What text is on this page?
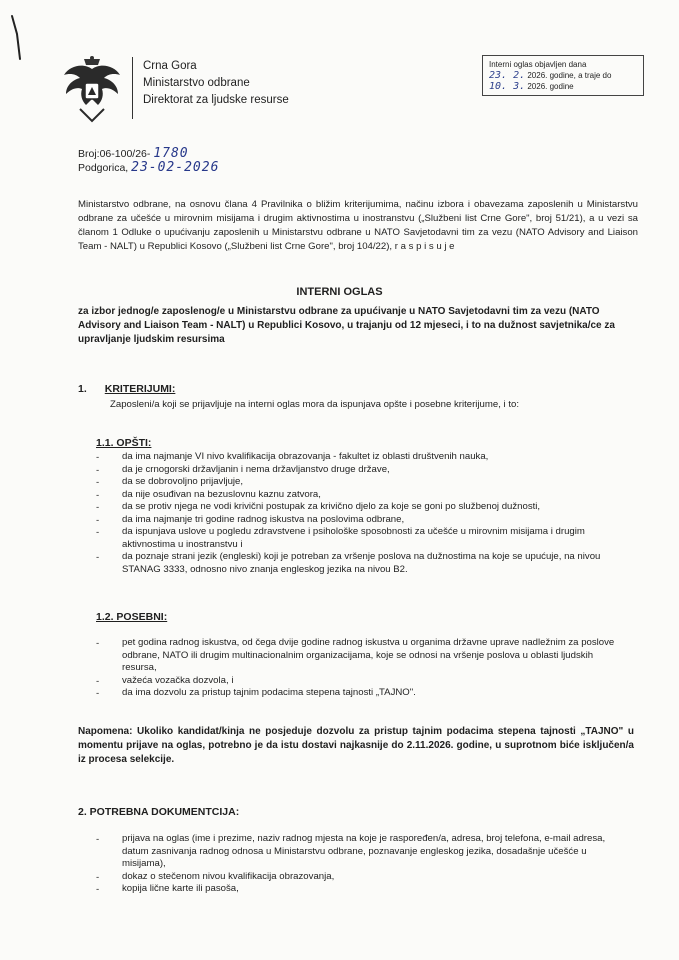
Crna Gora
Ministarstvo odbrane
Direktorat za ljudske resurse
Interni oglas objavljen dana
23. 2. 2026. godine, a traje do
10. 3. 2026. godine
Broj:06-100/26- 1780
Podgorica, 23-02-2026
Ministarstvo odbrane, na osnovu člana 4 Pravilnika o bližim kriterijumima, načinu izbora i obavezama zaposlenih u Ministarstvu odbrane za učešće u mirovnim misijama i drugim aktivnostima u inostranstvu („Službeni list Crne Gore", broj 51/21), a u vezi sa članom 1 Odluke o upućivanju zaposlenih u Ministarstvu odbrane u NATO Savjetodavni tim za vezu (NATO Advisory and Liaison Team - NALT) u Republici Kosovo („Službeni list Crne Gore", broj 104/22), r a s p i s u j e
INTERNI OGLAS
za izbor jednog/e zaposlenog/e u Ministarstvu odbrane za upućivanje u NATO Savjetodavni tim za vezu (NATO Advisory and Liaison Team - NALT) u Republici Kosovo, u trajanju od 12 mjeseci, i to na dužnost savjetnika/ce za upravljanje ljudskim resursima
1. KRITERIJUMI:
Zaposleni/a koji se prijavljuje na interni oglas mora da ispunjava opšte i posebne kriterijume, i to:
1.1. OPŠTI:
- da ima najmanje VI nivo kvalifikacija obrazovanja - fakultet iz oblasti društvenih nauka,
- da je crnogorski državljanin i nema državljanstvo druge države,
- da se dobrovoljno prijavljuje,
- da nije osuđivan na bezuslovnu kaznu zatvora,
- da se protiv njega ne vodi krivični postupak za krivično djelo za koje se goni po službenoj dužnosti,
- da ima najmanje tri godine radnog iskustva na poslovima odbrane,
- da ispunjava uslove u pogledu zdravstvene i psihološke sposobnosti za učešće u mirovnim misijama i drugim aktivnostima u inostranstvu i
- da poznaje strani jezik (engleski) koji je potreban za vršenje poslova na dužnostima na koje se upućuje, na nivou STANAG 3333, odnosno nivo znanja engleskog jezika na nivou B2.
1.2. POSEBNI:
- pet godina radnog iskustva, od čega dvije godine radnog iskustva u organima državne uprave nadležnim za poslove odbrane, NATO ili drugim multinacionalnim organizacijama, koje se odnosi na vršenje poslova u oblasti ljudskih resursa,
- važeća vozačka dozvola, i
- da ima dozvolu za pristup tajnim podacima stepena tajnosti „TAJNO".
Napomena: Ukoliko kandidat/kinja ne posjeduje dozvolu za pristup tajnim podacima stepena tajnosti „TAJNO" u momentu prijave na oglas, potrebno je da istu dostavi najkasnije do 2.11.2026. godine, u suprotnom biće isključen/a iz procesa selekcije.
2. POTREBNA DOKUMENTCIJA:
- prijava na oglas (ime i prezime, naziv radnog mjesta na koje je raspoređen/a, adresa, broj telefona, e-mail adresa, datum zasnivanja radnog odnosa u Ministarstvu odbrane, poznavanje engleskog jezika, dosadašnje učešće u misijama),
- dokaz o stečenom nivou kvalifikacija obrazovanja,
- kopija lične karte ili pasoša,
